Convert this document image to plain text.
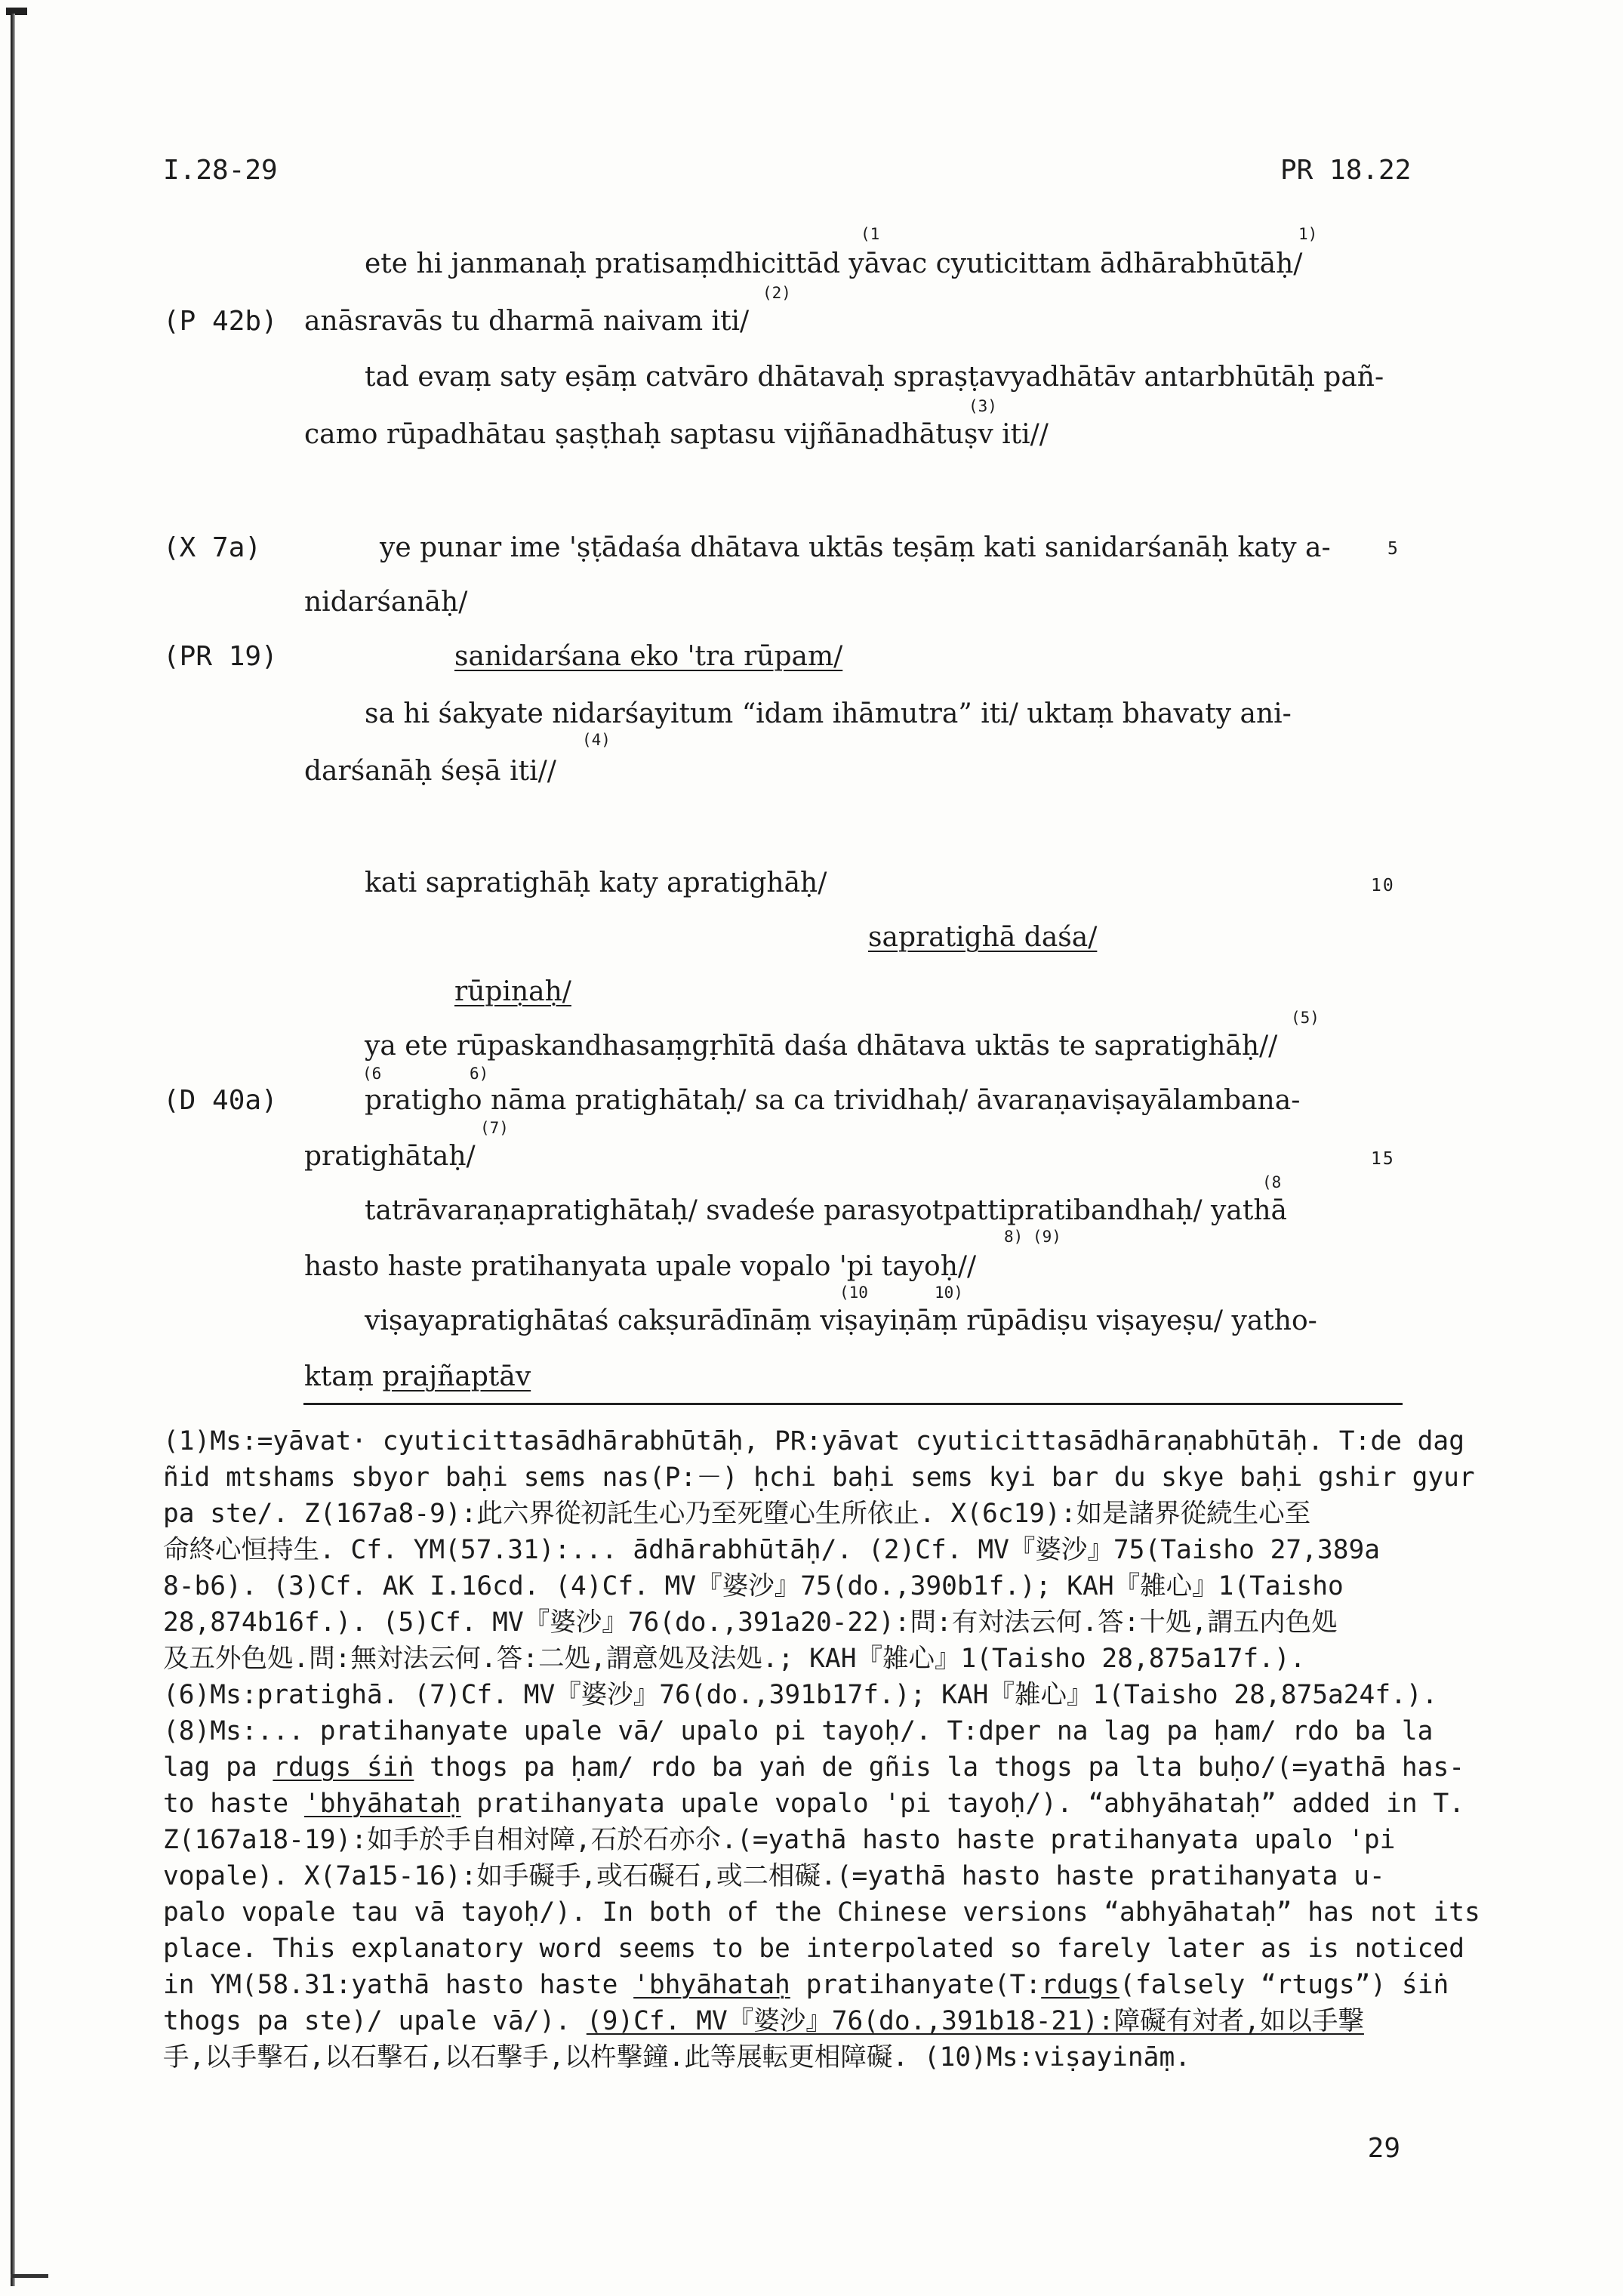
I.28-29	PR 18.22
(1	1)
ete hi janmanaḥ pratisaṃdhicittād yāvac cyuticittam ādhārabhūtāḥ/
(2)
(P 42b) anāsravās tu dharmā naivam iti/
tad evaṃ saty eṣāṃ catvāro dhātavaḥ spraṣṭavyadhātāv antarbhūtāḥ pañ-
(3)
camo rūpadhātau ṣaṣṭhaḥ saptasu vijñānadhātuṣv iti//
(X 7a)	ye punar ime 'ṣṭādaśa dhātava uktās teṣāṃ kati sanidarśanāḥ katy a-	5
nidarśanāḥ/
(PR 19)	sanidarśana eko 'tra rūpam/
sa hi śakyate nidarśayitum “idam ihāmutra” iti/ uktaṃ bhavaty ani-
(4)
darśanāḥ śeṣā iti//
kati sapratighāḥ katy apratighāḥ/	10
sapratighā daśa/
rūpiṇaḥ/
(5)
ya ete rūpaskandhasaṃgṛhītā daśa dhātava uktās te sapratighāḥ//
(6	6)
(D 40a)	pratigho nāma pratighātaḥ/ sa ca trividhaḥ/ āvaraṇaviṣayālambana-
(7)
pratighātaḥ/	15
(8
tatrāvaraṇapratighātaḥ/ svadeśe parasyotpattipratibandhaḥ/ yathā
8) (9)
hasto haste pratihanyata upale vopalo 'pi tayoḥ//
(10	10)
viṣayapratighātaś cakṣurādīnāṃ viṣayiṇāṃ rūpādiṣu viṣayeṣu/ yatho-
ktaṃ prajñaptāv
(1)Ms:=yāvat· cyuticittasādhārabhūtāḥ, PR:yāvat cyuticittasādhāraṇabhūtāḥ. T:de dag
ñid mtshams sbyor baḥi sems nas(P:－) ḥchi baḥi sems kyi bar du skye baḥi gshir gyur
pa ste/. Z(167a8-9):此六界從初託生心乃至死墮心生所依止. X(6c19):如是諸界從続生心至
命終心恒持生. Cf. YM(57.31):... ādhārabhūtāḥ/. (2)Cf. MV『婆沙』75(Taisho 27,389a
8-b6). (3)Cf. AK I.16cd. (4)Cf. MV『婆沙』75(do.,390b1f.); KAH『雑心』1(Taisho
28,874b16f.). (5)Cf. MV『婆沙』76(do.,391a20-22):問:有対法云何.答:十処,謂五内色処
及五外色処.問:無対法云何.答:二処,謂意処及法処.; KAH『雑心』1(Taisho 28,875a17f.).
(6)Ms:pratighā. (7)Cf. MV『婆沙』76(do.,391b17f.); KAH『雑心』1(Taisho 28,875a24f.).
(8)Ms:... pratihanyate upale vā/ upalo pi tayoḥ/. T:dper na lag pa ḥam/ rdo ba la
lag pa rdugs śiṅ thogs pa ḥam/ rdo ba yaṅ de gñis la thogs pa lta buḥo/(=yathā has-
to haste 'bhyāhataḥ pratihanyata upale vopalo 'pi tayoḥ/). “abhyāhataḥ” added in T.
Z(167a18-19):如手於手自相対障,石於石亦尒.(=yathā hasto haste pratihanyata upalo 'pi
vopale). X(7a15-16):如手礙手,或石礙石,或二相礙.(=yathā hasto haste pratihanyata u-
palo vopale tau vā tayoḥ/). In both of the Chinese versions “abhyāhataḥ” has not its
place. This explanatory word seems to be interpolated so farely later as is noticed
in YM(58.31:yathā hasto haste 'bhyāhataḥ pratihanyate(T:rdugs(falsely “rtugs”) śiṅ
thogs pa ste)/ upale vā/). (9)Cf. MV『婆沙』76(do.,391b18-21):障礙有対者,如以手撃
手,以手撃石,以石撃石,以石撃手,以杵撃鐘.此等展転更相障礙. (10)Ms:viṣayināṃ.
29
